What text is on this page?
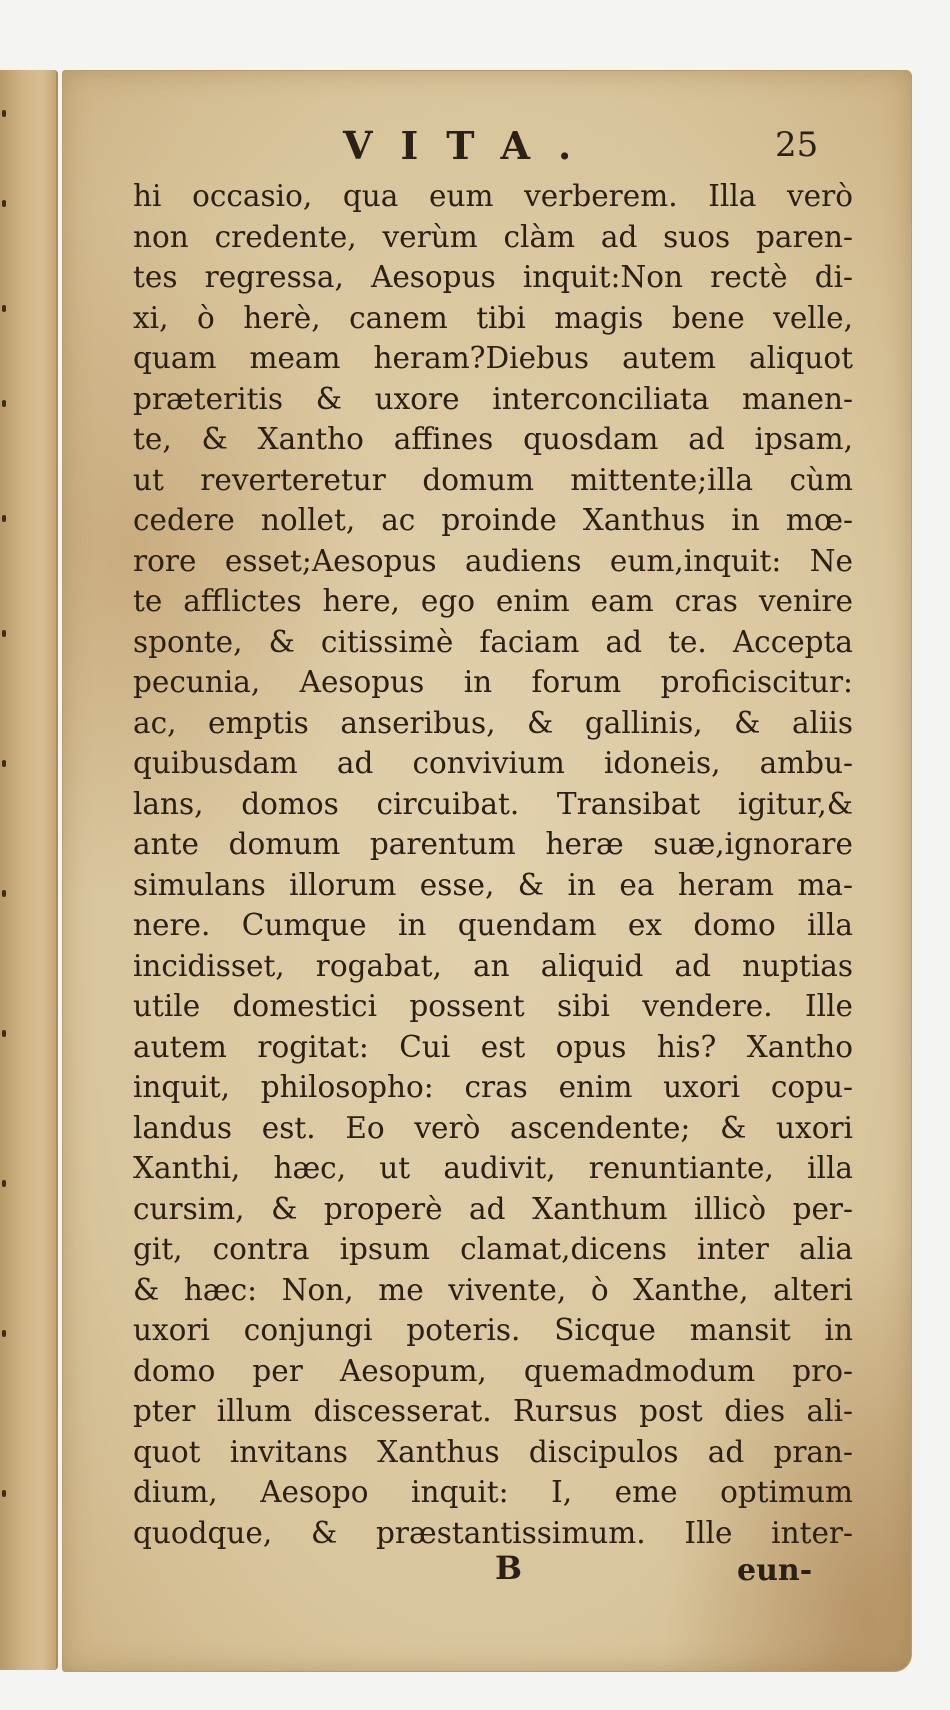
VITA.	25
hi occasio, qua eum verberem. Illa verò
non credente, verùm clàm ad suos paren-
tes regressa, Aesopus inquit:Non rectè di-
xi, ò herè, canem tibi magis bene velle,
quam meam heram?Diebus autem aliquot
præteritis & uxore interconciliata manen-
te, & Xantho affines quosdam ad ipsam,
ut reverteretur domum mittente;illa cùm
cedere nollet, ac proinde Xanthus in mœ-
rore esset;Aesopus audiens eum,inquit: Ne
te afflictes here, ego enim eam cras venire
sponte, & citissimè faciam ad te. Accepta
pecunia, Aesopus in forum proficiscitur:
ac, emptis anseribus, & gallinis, & aliis
quibusdam ad convivium idoneis, ambu-
lans, domos circuibat. Transibat igitur,&
ante domum parentum heræ suæ,ignorare
simulans illorum esse, & in ea heram ma-
nere. Cumque in quendam ex domo illa
incidisset, rogabat, an aliquid ad nuptias
utile domestici possent sibi vendere. Ille
autem rogitat: Cui est opus his? Xantho
inquit, philosopho: cras enim uxori copu-
landus est. Eo verò ascendente; & uxori
Xanthi, hæc, ut audivit, renuntiante, illa
cursim, & properè ad Xanthum illicò per-
git, contra ipsum clamat,dicens inter alia
& hæc: Non, me vivente, ò Xanthe, alteri
uxori conjungi poteris. Sicque mansit in
domo per Aesopum, quemadmodum pro-
pter illum discesserat. Rursus post dies ali-
quot invitans Xanthus discipulos ad pran-
dium, Aesopo inquit: I, eme optimum
quodque, & præstantissimum. Ille inter-
B	eun-
